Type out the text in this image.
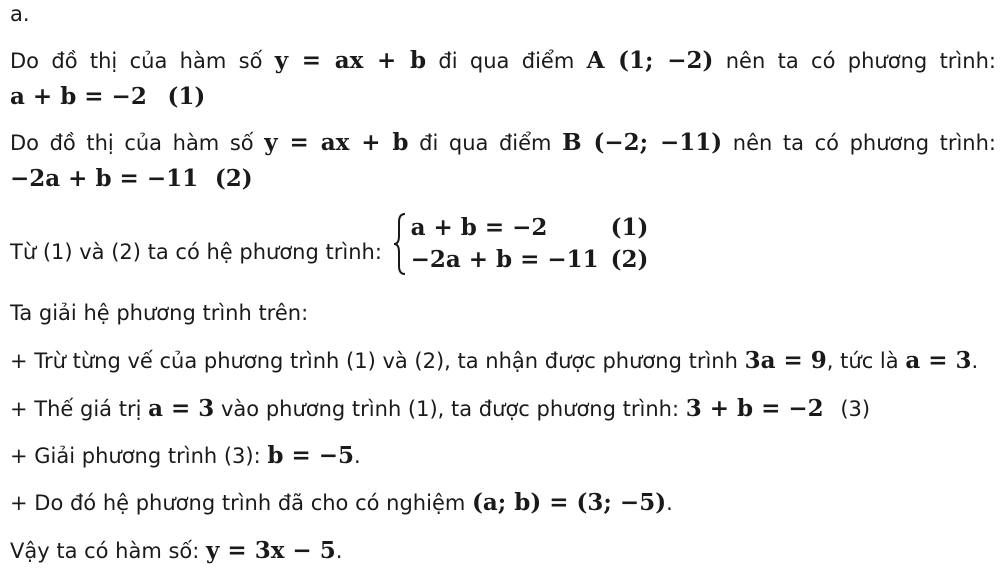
a.
Do đồ thị của hàm số y = ax + b đi qua điểm A (1; −2) nên ta có phương trình:
a + b = −2 (1)
Do đồ thị của hàm số y = ax + b đi qua điểm B (−2; −11) nên ta có phương trình:
−2a + b = −11 (2)
Từ (1) và (2) ta có hệ phương trình:
a + b = −2	(1)
−2a + b = −11 (2)
Ta giải hệ phương trình trên:
+ Trừ từng vế của phương trình (1) và (2), ta nhận được phương trình 3a = 9, tức là a = 3.
+ Thế giá trị a = 3 vào phương trình (1), ta được phương trình: 3 + b = −2 (3)
+ Giải phương trình (3): b = −5.
+ Do đó hệ phương trình đã cho có nghiệm (a; b) = (3; −5).
Vậy ta có hàm số: y = 3x − 5.
